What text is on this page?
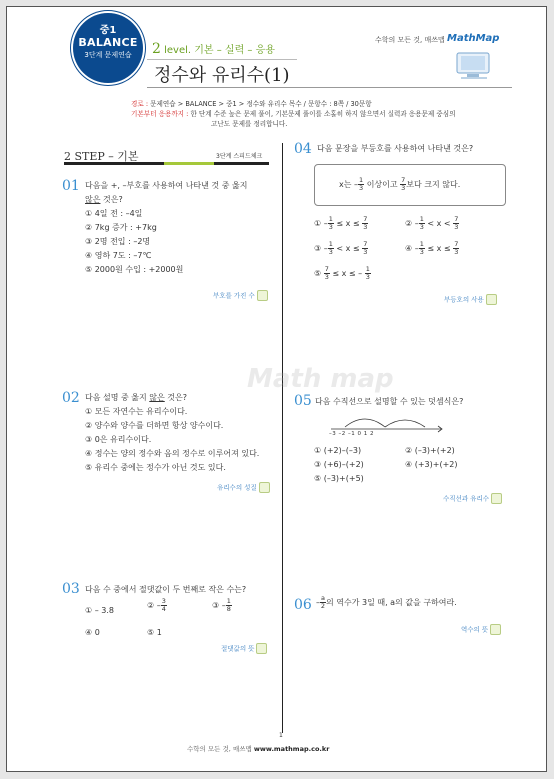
중1
BALANCE
3단계 문제연습	2 level. 기본 – 실력 – 응용
정수와 유리수(1)
수학의 모든 것, 매쓰맵 MathMap
경로 : 문제연습 > BALANCE > 중1 > 정수와 유리수 목수 / 문항수 : 8쪽 / 30문항
기본부터 응용까지 : 한 단계 수준 높은 문제 풀이, 기본문제 풀이를 소홀히 하지 않으면서 실력과 응용문제 중심의
고난도 문제를 정리합니다.
2 STEP – 기본	3단계 스피드체크
01 다음을 +, –부호를 사용하여 나타낸 것 중 옳지
않은 것은?
① 4일 전 : –4일
② 7kg 증가 : +7kg
③ 2명 전입 : –2명
④ 영하 7도 : –7℃
⑤ 2000원 수입 : +2000원
부호를 가진 수
02 다음 설명 중 옳지 않은 것은?
① 모든 자연수는 유리수이다.
② 양수와 양수를 더하면 항상 양수이다.
③ 0은 유리수이다.
④ 정수는 양의 정수와 음의 정수로 이루어져 있다.
⑤ 유리수 중에는 정수가 아닌 것도 있다.
유리수의 성질
03 다음 수 중에서 절댓값이 두 번째로 작은 수는?
① – 3.8
② – $\frac{3}{4}$	③ – $\frac{1}{8}$
④ 0	⑤ 1
절댓값의 뜻
04 다음 문장을 부등호를 사용하여 나타낸 것은?
x는 – $\frac{1}{3}$ 이상이고 $\frac{7}{3}$ 보다 크지 않다.
① – $\frac{1}{3} \le x \le \frac{7}{3}$	② – $\frac{1}{3} < x < \frac{7}{3}$
③ – $\frac{1}{3} < x \le \frac{7}{3}$	④ – $\frac{1}{3} \le x \le \frac{7}{3}$
⑤ $\frac{7}{3} \le x$ ≤ – $\frac{1}{3}$
부등호의 사용
05 다음 수직선으로 설명할 수 있는 덧셈식은?
–3 –2 –1 0 1 2
① (+2)–(–3)
③ (+6)–(+2)
⑤ (–3)+(+5)
② (–3)+(+2)
④ (+3)+(+2)
수직선과 유리수
$06 - \frac{a}{2}$ 의 역수가 3일 때, a의 값을 구하여라.
역수의 뜻
Math map
1
수학의 모든 것, 매쓰맵 www.mathmap.co.kr
